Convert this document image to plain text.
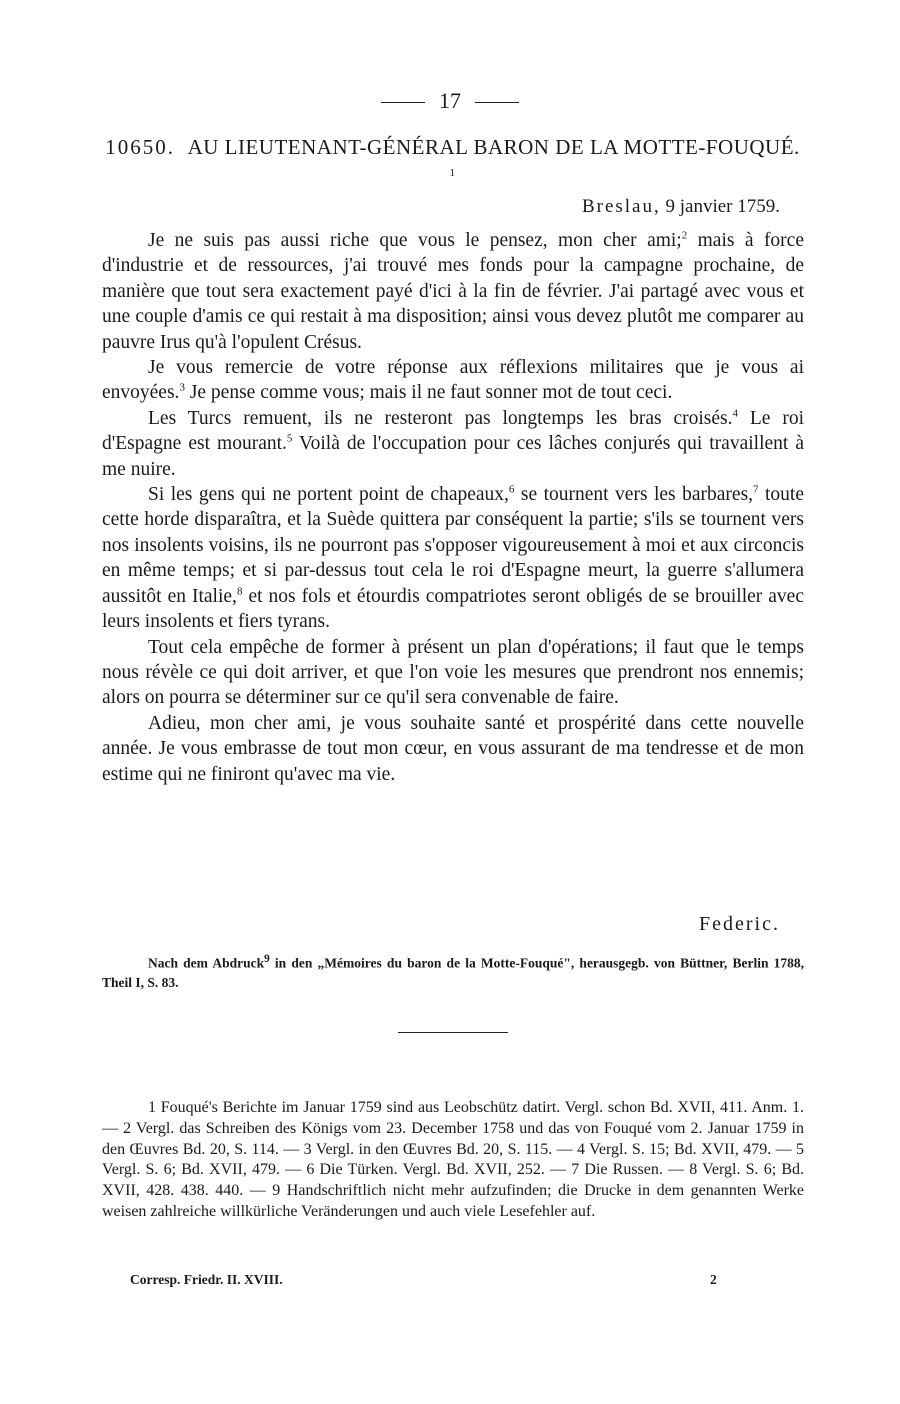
17
10650. AU LIEUTENANT-GÉNÉRAL BARON DE LA MOTTE-FOUQUÉ. $^1$
Breslau, 9 janvier 1759.

Je ne suis pas aussi riche que vous le pensez, mon cher ami;$^2$ mais à force d'industrie et de ressources, j'ai trouvé mes fonds pour la campagne prochaine, de manière que tout sera exactement payé d'ici à la fin de février. J'ai partagé avec vous et une couple d'amis ce qui restait à ma disposition; ainsi vous devez plutôt me comparer au pauvre Irus qu'à l'opulent Crésus.

Je vous remercie de votre réponse aux réflexions militaires que je vous ai envoyées.$^3$ Je pense comme vous; mais il ne faut sonner mot de tout ceci.

Les Turcs remuent, ils ne resteront pas longtemps les bras croisés.$^4$ Le roi d'Espagne est mourant.$^5$ Voilà de l'occupation pour ces lâches conjurés qui travaillent à me nuire.

Si les gens qui ne portent point de chapeaux,$^6$ se tournent vers les barbares,$^7$ toute cette horde disparaîtra, et la Suède quittera par conséquent la partie; s'ils se tournent vers nos insolents voisins, ils ne pourront pas s'opposer vigoureusement à moi et aux circoncis en même temps; et si par-dessus tout cela le roi d'Espagne meurt, la guerre s'allumera aussitôt en Italie,$^8$ et nos fols et étourdis compatriotes seront obligés de se brouiller avec leurs insolents et fiers tyrans.

Tout cela empêche de former à présent un plan d'opérations; il faut que le temps nous révèle ce qui doit arriver, et que l'on voie les mesures que prendront nos ennemis; alors on pourra se déterminer sur ce qu'il sera convenable de faire.

Adieu, mon cher ami, je vous souhaite santé et prospérité dans cette nouvelle année. Je vous embrasse de tout mon cœur, en vous assurant de ma tendresse et de mon estime qui ne finiront qu'avec ma vie.

Federic.

Nach dem Abdruck$^9$ in den „Mémoires du baron de la Motte-Fouqué", herausgegb. von Büttner, Berlin 1788, Theil I, S. 83.

1 Fouqué's Berichte im Januar 1759 sind aus Leobschütz datirt. Vergl. schon Bd. XVII, 411. Anm. 1. — 2 Vergl. das Schreiben des Königs vom 23. December 1758 und das von Fouqué vom 2. Januar 1759 in den Œuvres Bd. 20, S. 114. — 3 Vergl. in den Œuvres Bd. 20, S. 115. — 4 Vergl. S. 15; Bd. XVII, 479. — 5 Vergl. S. 6; Bd. XVII, 479. — 6 Die Türken. Vergl. Bd. XVII, 252. — 7 Die Russen. — 8 Vergl. S. 6; Bd. XVII, 428. 438. 440. — 9 Handschriftlich nicht mehr aufzufinden; die Drucke in dem genannten Werke weisen zahlreiche willkürliche Veränderungen und auch viele Lesefehler auf.

Corresp. Friedr. II. XVIII.	2
